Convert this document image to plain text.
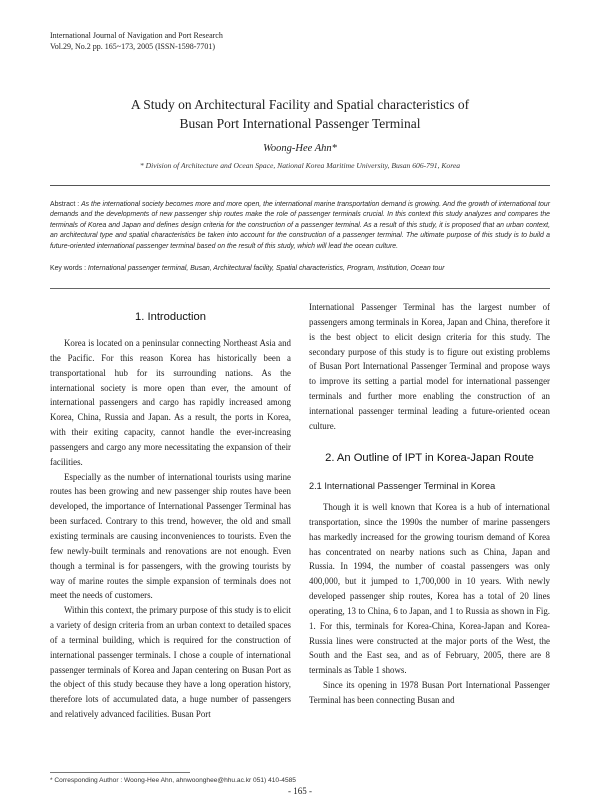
International Journal of Navigation and Port Research
Vol.29, No.2 pp. 165~173, 2005 (ISSN-1598-7701)
A Study on Architectural Facility and Spatial characteristics of
Busan Port International Passenger Terminal
Woong-Hee Ahn*
* Division of Architecture and Ocean Space, National Korea Maritime University, Busan 606-791, Korea
Abstract : As the international society becomes more and more open, the international marine transportation demand is growing. And the growth of international tour demands and the developments of new passenger ship routes make the role of passenger terminals crucial. In this context this study analyzes and compares the terminals of Korea and Japan and defines design criteria for the construction of a passenger terminal. As a result of this study, it is proposed that an urban context, an architectural type and spatial characteristics be taken into account for the construction of a passenger terminal. The ultimate purpose of this study is to build a future-oriented international passenger terminal based on the result of this study, which will lead the ocean culture.
Key words : International passenger terminal, Busan, Architectural facility, Spatial characteristics, Program, Institution, Ocean tour
1. Introduction

Korea is located on a peninsular connecting Northeast Asia and the Pacific. For this reason Korea has historically been a transportational hub for its surrounding nations. As the international society is more open than ever, the amount of international passengers and cargo has rapidly increased among Korea, China, Russia and Japan. As a result, the ports in Korea, with their exiting capacity, cannot handle the ever-increasing passengers and cargo any more necessitating the expansion of their facilities.

Especially as the number of international tourists using marine routes has been growing and new passenger ship routes have been developed, the importance of International Passenger Terminal has been surfaced. Contrary to this trend, however, the old and small existing terminals are causing inconveniences to tourists. Even the few newly-built terminals and renovations are not enough. Even though a terminal is for passengers, with the growing tourists by way of marine routes the simple expansion of terminals does not meet the needs of customers.

Within this context, the primary purpose of this study is to elicit a variety of design criteria from an urban context to detailed spaces of a terminal building, which is required for the construction of international passenger terminals. I chose a couple of international passenger terminals of Korea and Japan centering on Busan Port as the object of this study because they have a long operation history, therefore lots of accumulated data, a huge number of passengers and relatively advanced facilities. Busan Port

International Passenger Terminal has the largest number of passengers among terminals in Korea, Japan and China, therefore it is the best object to elicit design criteria for this study. The secondary purpose of this study is to figure out existing problems of Busan Port International Passenger Terminal and propose ways to improve its setting a partial model for international passenger terminals and further more enabling the construction of an international passenger terminal leading a future-oriented ocean culture.

2. An Outline of IPT in Korea-Japan Route
2.1 International Passenger Terminal in Korea

Though it is well known that Korea is a hub of international transportation, since the 1990s the number of marine passengers has markedly increased for the growing tourism demand of Korea has concentrated on nearby nations such as China, Japan and Russia. In 1994, the number of coastal passengers was only 400,000, but it jumped to 1,700,000 in 10 years. With newly developed passenger ship routes, Korea has a total of 20 lines operating, 13 to China, 6 to Japan, and 1 to Russia as shown in Fig. 1. For this, terminals for Korea-China, Korea-Japan and Korea-Russia lines were constructed at the major ports of the West, the South and the East sea, and as of February, 2005, there are 8 terminals as Table 1 shows.

Since its opening in 1978 Busan Port International Passenger Terminal has been connecting Busan and

* Corresponding Author : Woong-Hee Ahn, ahnwoonghee@hhu.ac.kr 051) 410-4585
- 165 -
